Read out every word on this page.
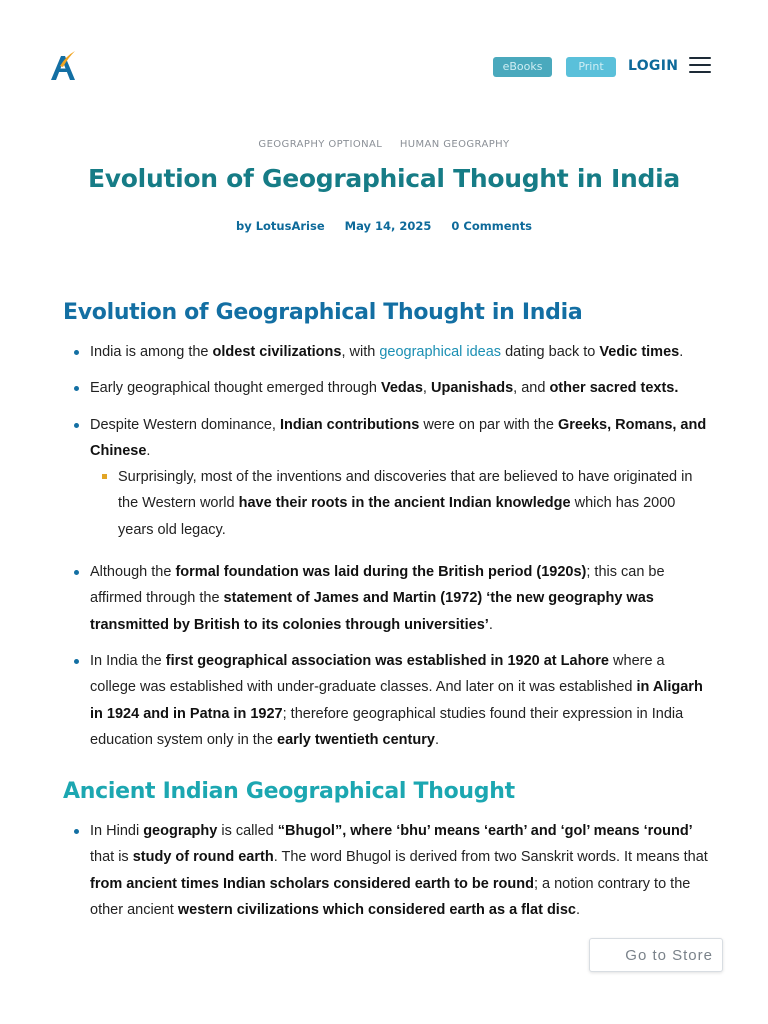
eBooks	Print	LOGIN
GEOGRAPHY OPTIONAL HUMAN GEOGRAPHY
Evolution of Geographical Thought in India
by LotusArise May 14, 2025 0 Comments
Evolution of Geographical Thought in India
India is among the oldest civilizations, with geographical ideas dating back to Vedic times.
Early geographical thought emerged through Vedas, Upanishads, and other sacred texts.
Despite Western dominance, Indian contributions were on par with the Greeks, Romans, and Chinese.
Surprisingly, most of the inventions and discoveries that are believed to have originated in the Western world have their roots in the ancient Indian knowledge which has 2000 years old legacy.
Although the formal foundation was laid during the British period (1920s); this can be affirmed through the statement of James and Martin (1972) ‘the new geography was transmitted by British to its colonies through universities’.
In India the first geographical association was established in 1920 at Lahore where a college was established with under-graduate classes. And later on it was established in Aligarh in 1924 and in Patna in 1927; therefore geographical studies found their expression in India education system only in the early twentieth century.
Ancient Indian Geographical Thought
In Hindi geography is called “Bhugol”, where ‘bhu’ means ‘earth’ and ‘gol’ means ‘round’ that is study of round earth. The word Bhugol is derived from two Sanskrit words. It means that from ancient times Indian scholars considered earth to be round; a notion contrary to the other ancient western civilizations which considered earth as a flat disc.
Go to Store
